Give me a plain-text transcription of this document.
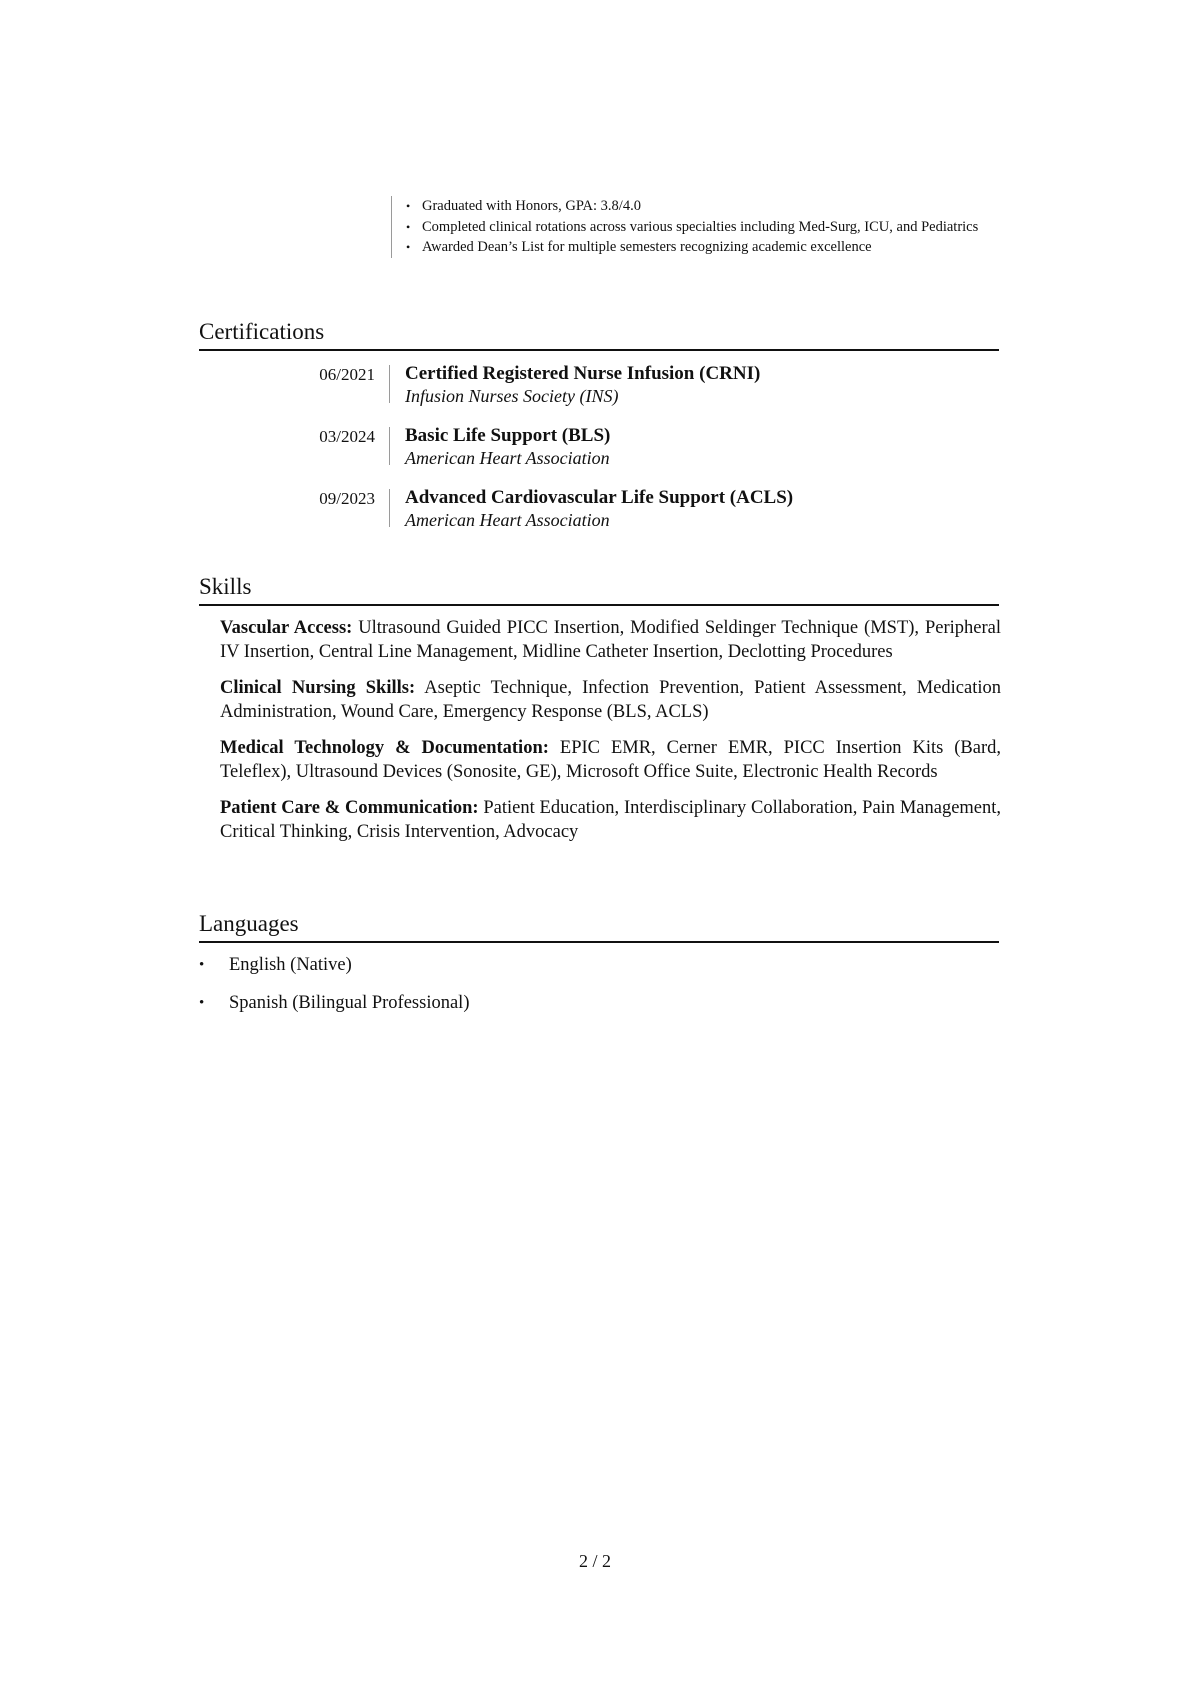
• Graduated with Honors, GPA: 3.8/4.0
• Completed clinical rotations across various specialties including Med-Surg, ICU, and Pediatrics
• Awarded Dean’s List for multiple semesters recognizing academic excellence
Certifications
06/2021	Certified Registered Nurse Infusion (CRNI)
Infusion Nurses Society (INS)
03/2024	Basic Life Support (BLS)
American Heart Association
09/2023	Advanced Cardiovascular Life Support (ACLS)
American Heart Association
Skills
Vascular Access: Ultrasound Guided PICC Insertion, Modified Seldinger Technique (MST), Peripheral IV Insertion, Central Line Management, Midline Catheter Insertion, Declotting Procedures
Clinical Nursing Skills: Aseptic Technique, Infection Prevention, Patient Assessment, Medication Administration, Wound Care, Emergency Response (BLS, ACLS)
Medical Technology & Documentation: EPIC EMR, Cerner EMR, PICC Insertion Kits (Bard, Teleflex), Ultrasound Devices (Sonosite, GE), Microsoft Office Suite, Electronic Health Records
Patient Care & Communication: Patient Education, Interdisciplinary Collaboration, Pain Management, Critical Thinking, Crisis Intervention, Advocacy
Languages
• English (Native)
• Spanish (Bilingual Professional)
2 / 2
